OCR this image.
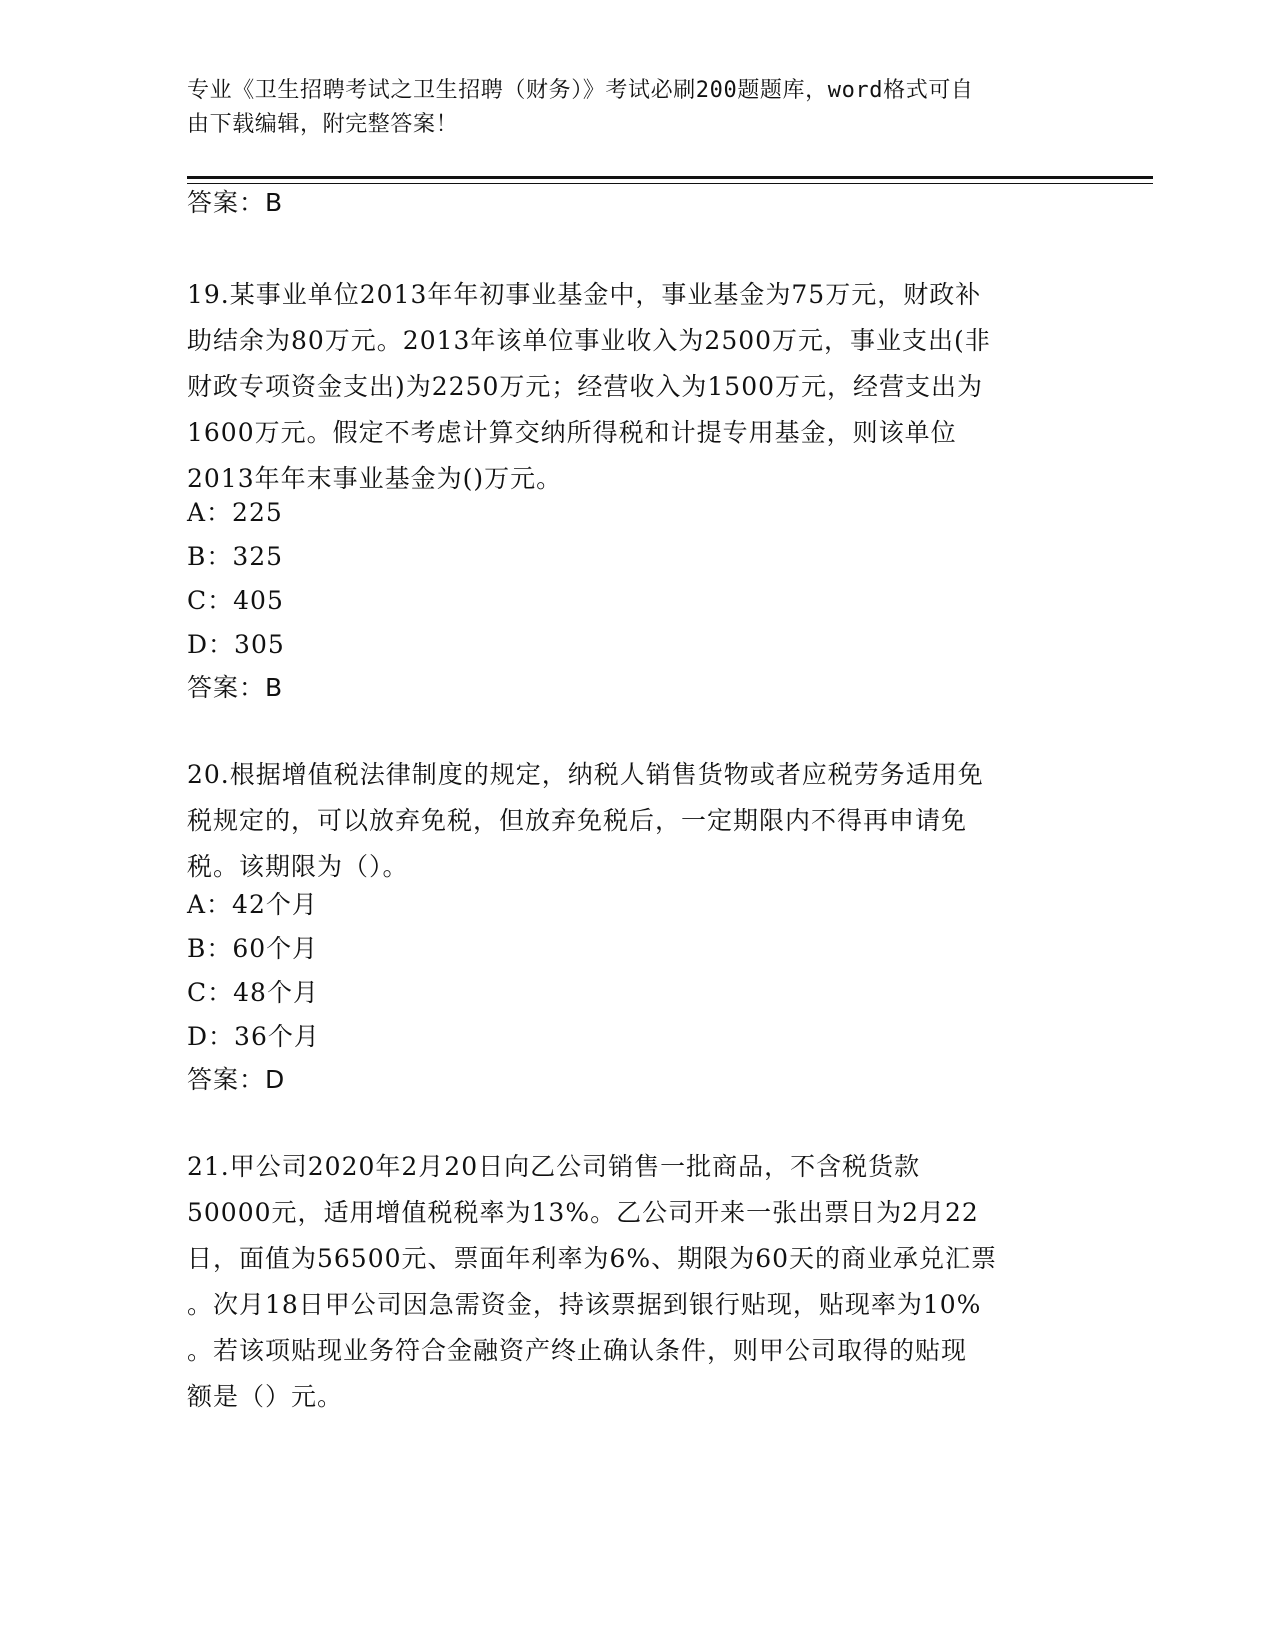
专业《卫生招聘考试之卫生招聘（财务）》考试必刷200题题库，word格式可自
由下载编辑，附完整答案！
答案：B
19.某事业单位2013年年初事业基金中，事业基金为75万元，财政补
助结余为80万元。2013年该单位事业收入为2500万元，事业支出(非
财政专项资金支出)为2250万元；经营收入为1500万元，经营支出为
1600万元。假定不考虑计算交纳所得税和计提专用基金，则该单位
2013年年末事业基金为()万元。
A：225
B：325
C：405
D：305
答案：B
20.根据增值税法律制度的规定，纳税人销售货物或者应税劳务适用免
税规定的，可以放弃免税，但放弃免税后，一定期限内不得再申请免
税。该期限为（）。
A：42个月
B：60个月
C：48个月
D：36个月
答案：D
21.甲公司2020年2月20日向乙公司销售一批商品，不含税货款
50000元，适用增值税税率为13%。乙公司开来一张出票日为2月22
日，面值为56500元、票面年利率为6%、期限为60天的商业承兑汇票
。次月18日甲公司因急需资金，持该票据到银行贴现，贴现率为10%
。若该项贴现业务符合金融资产终止确认条件，则甲公司取得的贴现
额是（）元。
